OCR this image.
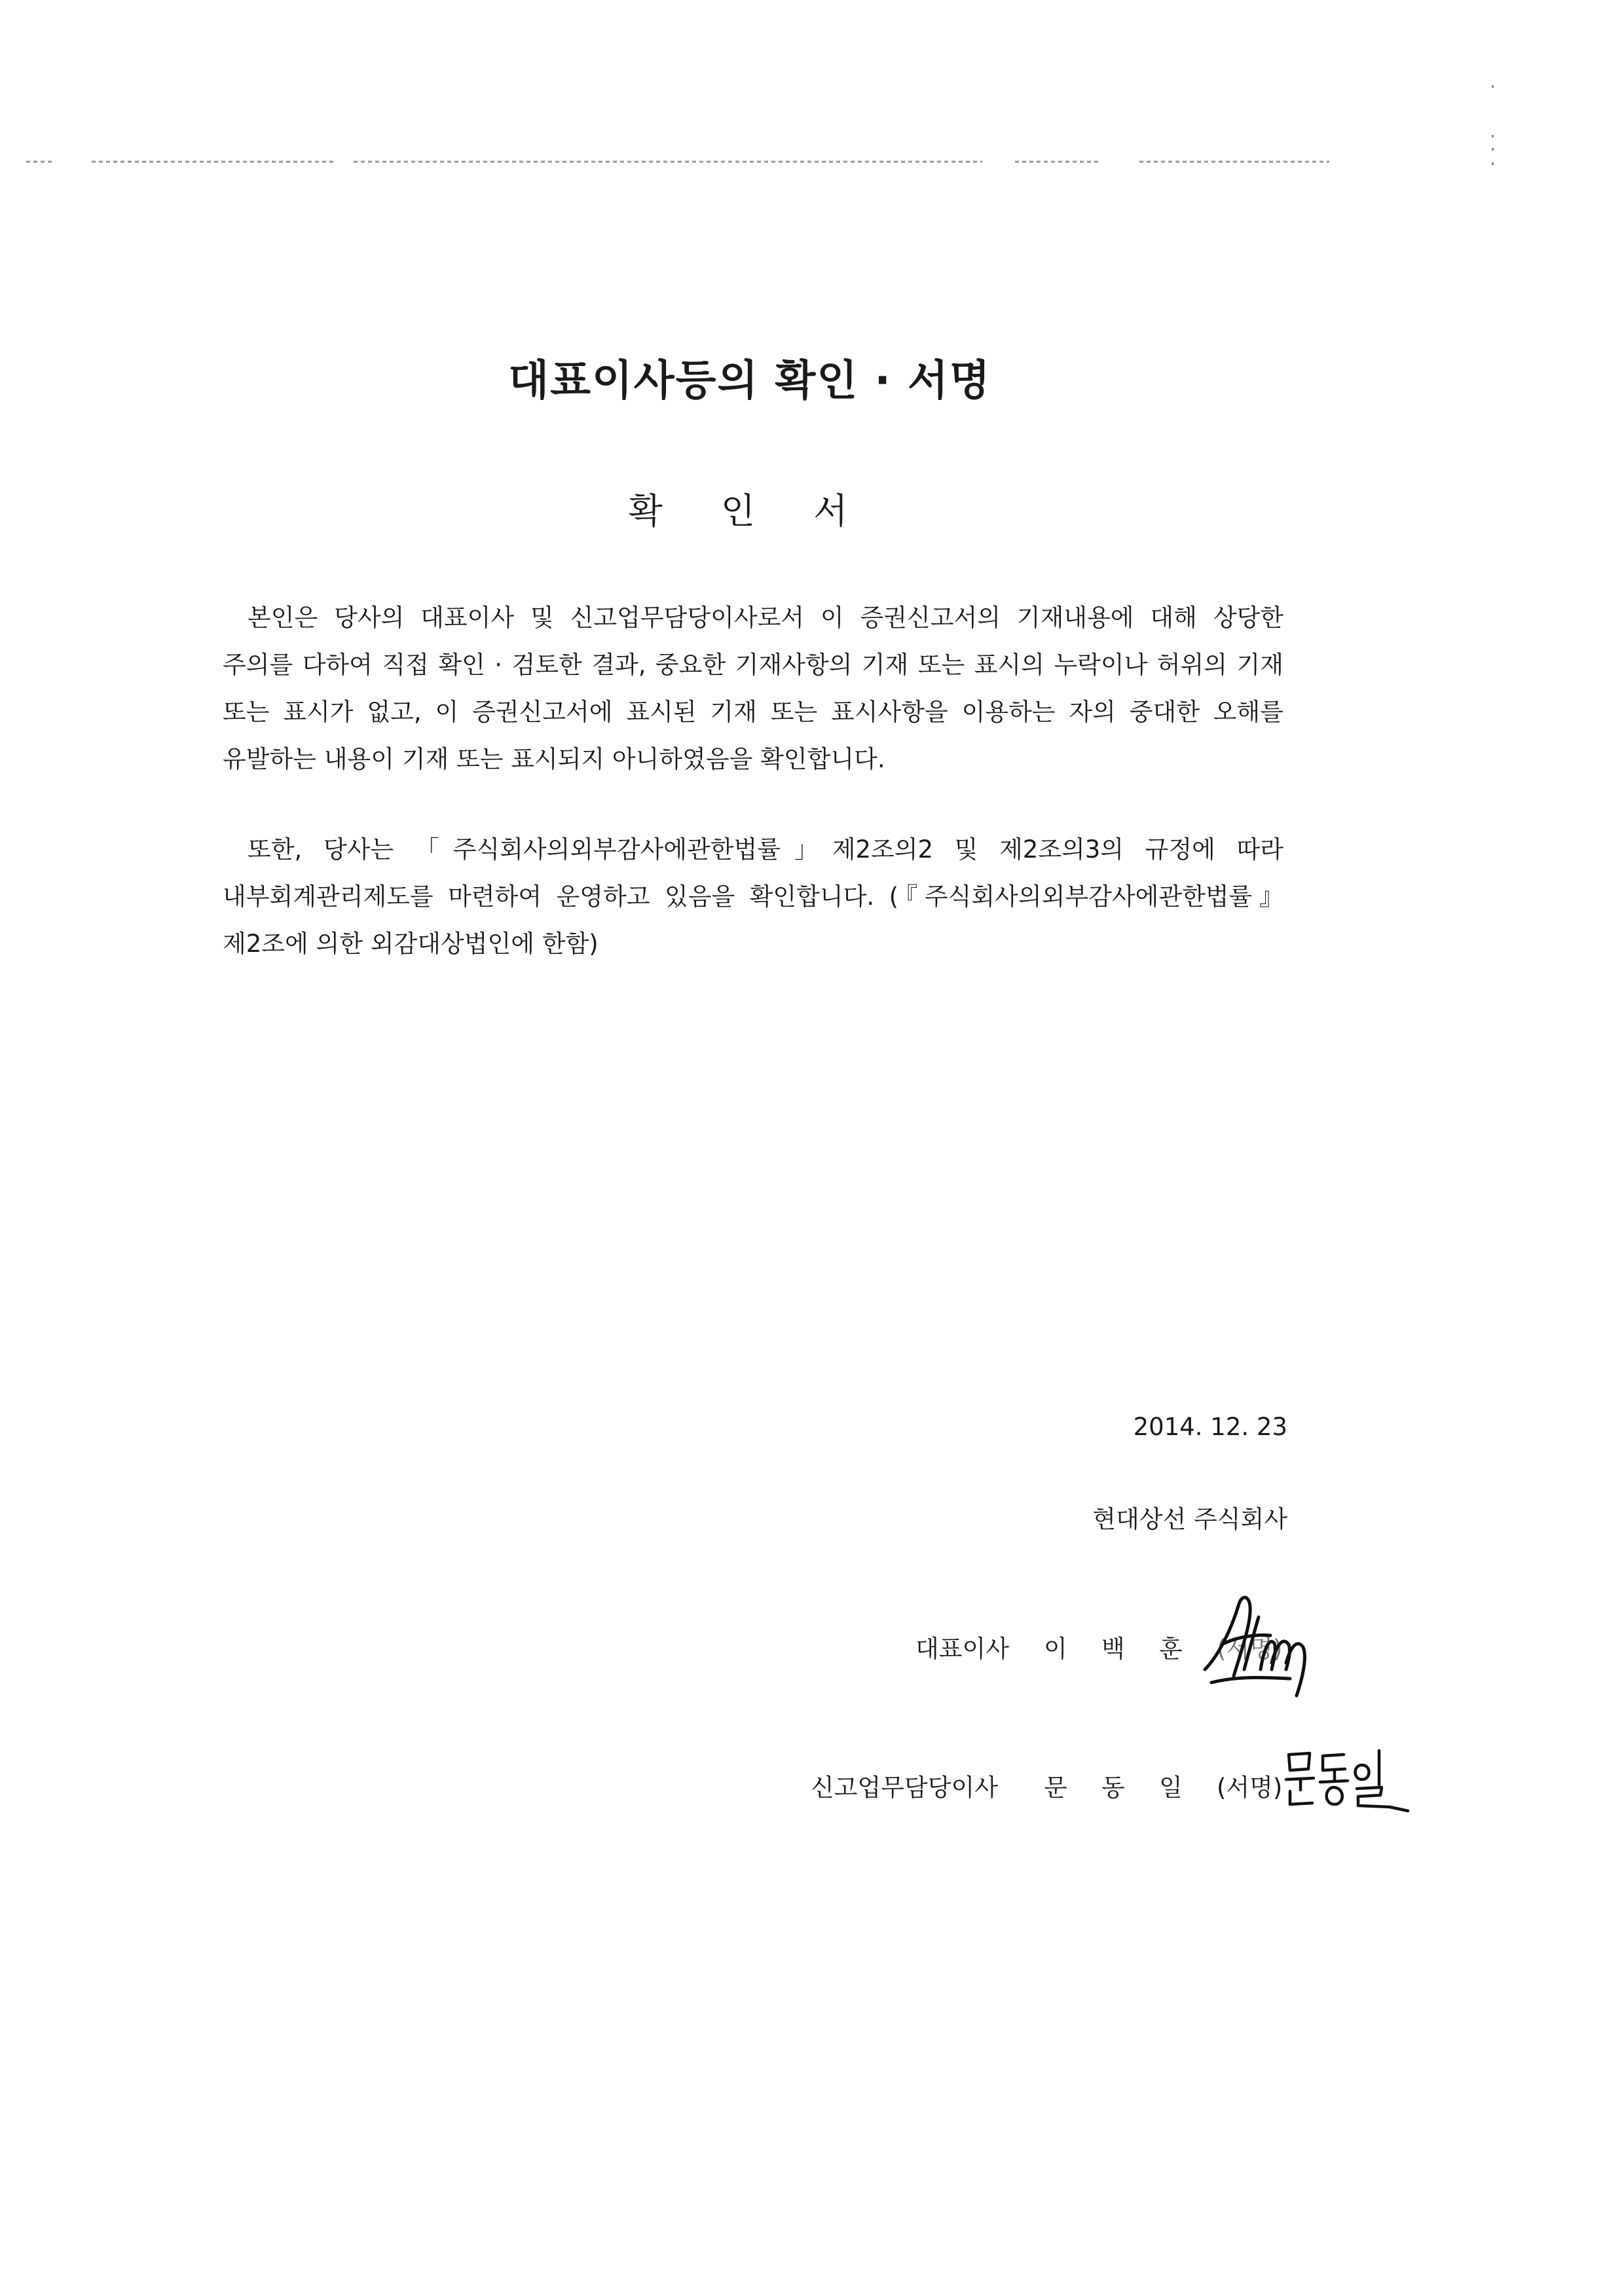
대표이사등의 확인 · 서명
확 인 서
본인은 당사의 대표이사 및 신고업무담당이사로서 이 증권신고서의 기재내용에 대해 상당한 주의를 다하여 직접 확인 · 검토한 결과, 중요한 기재사항의 기재 또는 표시의 누락이나 허위의 기재 또는 표시가 없고, 이 증권신고서에 표시된 기재 또는 표시사항을 이용하는 자의 중대한 오해를 유발하는 내용이 기재 또는 표시되지 아니하였음을 확인합니다.
또한, 당사는 「주식회사의외부감사에관한법률」제2조의2 및 제2조의3의 규정에 따라 내부회계관리제도를 마련하여 운영하고 있음을 확인합니다. (『주식회사의외부감사에관한법률』제2조에 의한 외감대상법인에 한함)
2014. 12. 23
현대상선 주식회사
대표이사 이 백 훈 (서명)
신고업무담당이사 문 동 일 (서명)
